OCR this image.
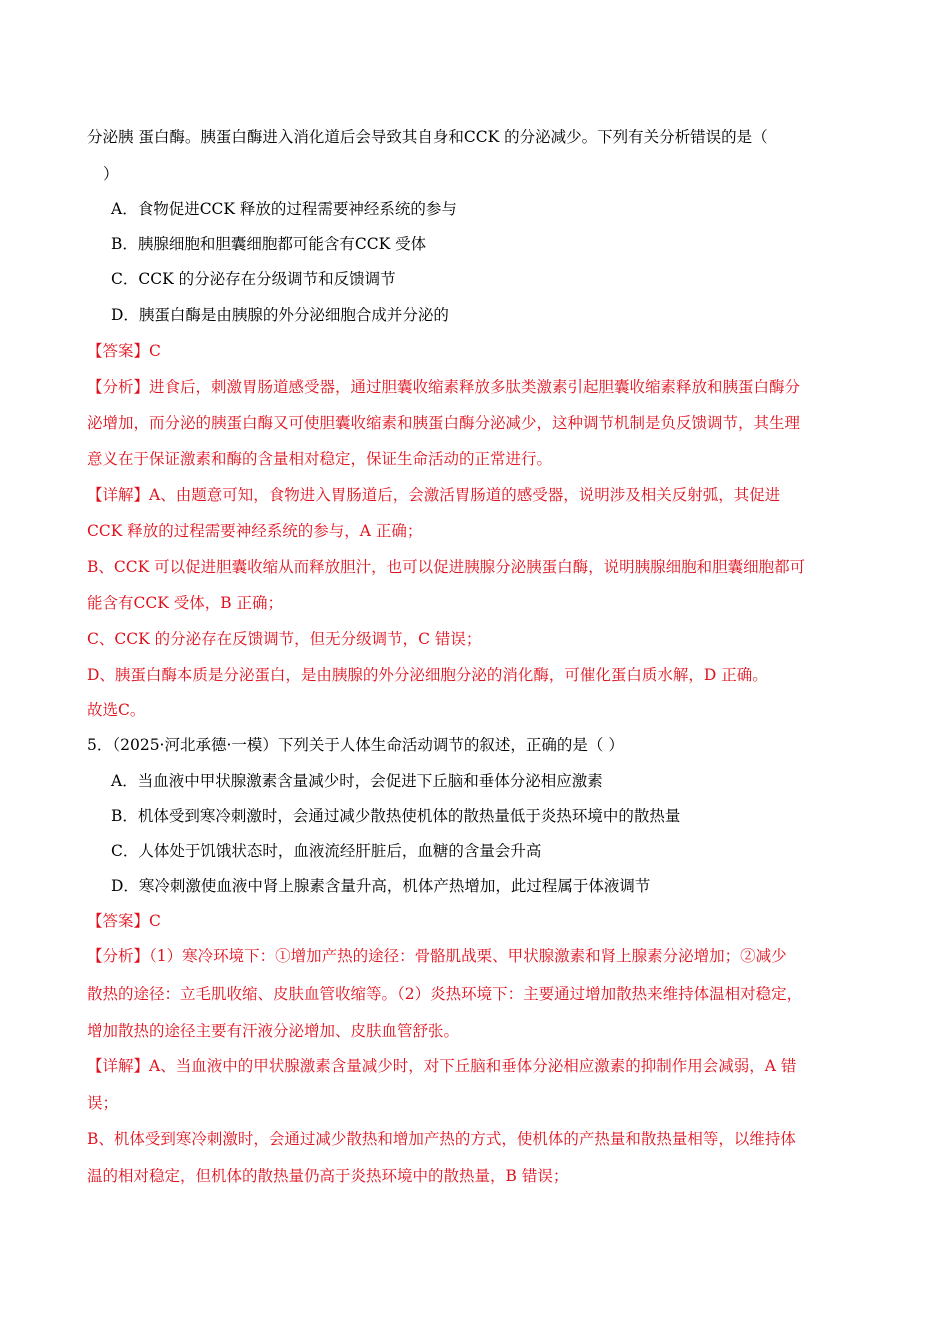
分泌胰 蛋白酶。胰蛋白酶进入消化道后会导致其自身和CCK 的分泌减少。下列有关分析错误的是（
）
A．食物促进CCK 释放的过程需要神经系统的参与
B．胰腺细胞和胆囊细胞都可能含有CCK 受体
C．CCK 的分泌存在分级调节和反馈调节
D．胰蛋白酶是由胰腺的外分泌细胞合成并分泌的
【答案】C
【分析】进食后，刺激胃肠道感受器，通过胆囊收缩素释放多肽类激素引起胆囊收缩素释放和胰蛋白酶分
泌增加，而分泌的胰蛋白酶又可使胆囊收缩素和胰蛋白酶分泌减少，这种调节机制是负反馈调节，其生理
意义在于保证激素和酶的含量相对稳定，保证生命活动的正常进行。
【详解】A、由题意可知，食物进入胃肠道后，会激活胃肠道的感受器，说明涉及相关反射弧，其促进
CCK 释放的过程需要神经系统的参与，A 正确；
B、CCK 可以促进胆囊收缩从而释放胆汁，也可以促进胰腺分泌胰蛋白酶，说明胰腺细胞和胆囊细胞都可
能含有CCK 受体，B 正确；
C、CCK 的分泌存在反馈调节，但无分级调节，C 错误；
D、胰蛋白酶本质是分泌蛋白，是由胰腺的外分泌细胞分泌的消化酶，可催化蛋白质水解，D 正确。
故选C。
5．（2025·河北承德·一模）下列关于人体生命活动调节的叙述，正确的是（ ）
A．当血液中甲状腺激素含量减少时，会促进下丘脑和垂体分泌相应激素
B．机体受到寒冷刺激时，会通过减少散热使机体的散热量低于炎热环境中的散热量
C．人体处于饥饿状态时，血液流经肝脏后，血糖的含量会升高
D．寒冷刺激使血液中肾上腺素含量升高，机体产热增加，此过程属于体液调节
【答案】C
【分析】（1）寒冷环境下：①增加产热的途径：骨骼肌战栗、甲状腺激素和肾上腺素分泌增加；②减少
散热的途径：立毛肌收缩、皮肤血管收缩等。（2）炎热环境下：主要通过增加散热来维持体温相对稳定，
增加散热的途径主要有汗液分泌增加、皮肤血管舒张。
【详解】A、当血液中的甲状腺激素含量减少时，对下丘脑和垂体分泌相应激素的抑制作用会减弱，A 错
误；
B、机体受到寒冷刺激时，会通过减少散热和增加产热的方式，使机体的产热量和散热量相等，以维持体
温的相对稳定，但机体的散热量仍高于炎热环境中的散热量，B 错误；
